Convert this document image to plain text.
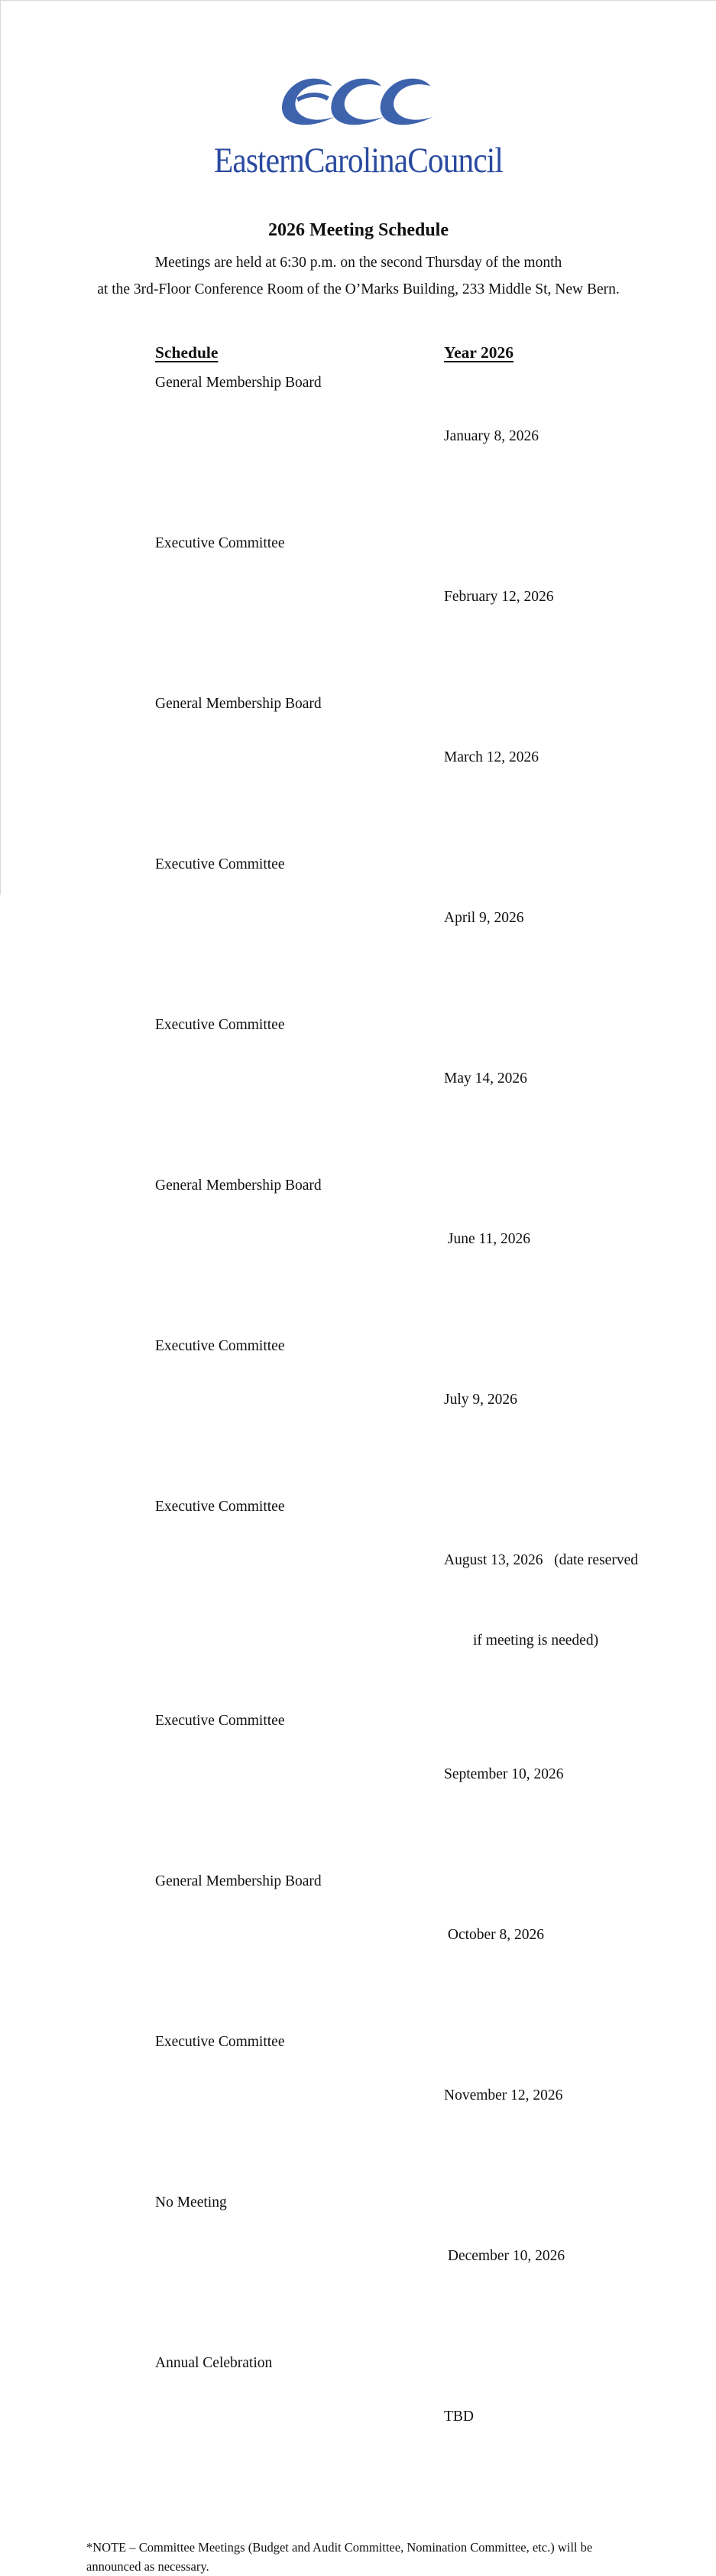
EasternCarolinaCouncil
2026 Meeting Schedule
Meetings are held at 6:30 p.m. on the second Thursday of the month
at the 3rd-Floor Conference Room of the O’Marks Building, 233 Middle St, New Bern.
Schedule	Year 2026
General Membership Board

January 8, 2026

Executive Committee

February 12, 2026

General Membership Board

March 12, 2026

Executive Committee

April 9, 2026

Executive Committee

May 14, 2026

General Membership Board

June 11, 2026

Executive Committee

July 9, 2026

Executive Committee

August 13, 2026   (date reserved

if meeting is needed)

Executive Committee

September 10, 2026

General Membership Board

October 8, 2026

Executive Committee

November 12, 2026

No Meeting

December 10, 2026

Annual Celebration

TBD

*NOTE – Committee Meetings (Budget and Audit Committee, Nomination Committee, etc.) will be announced as necessary.
